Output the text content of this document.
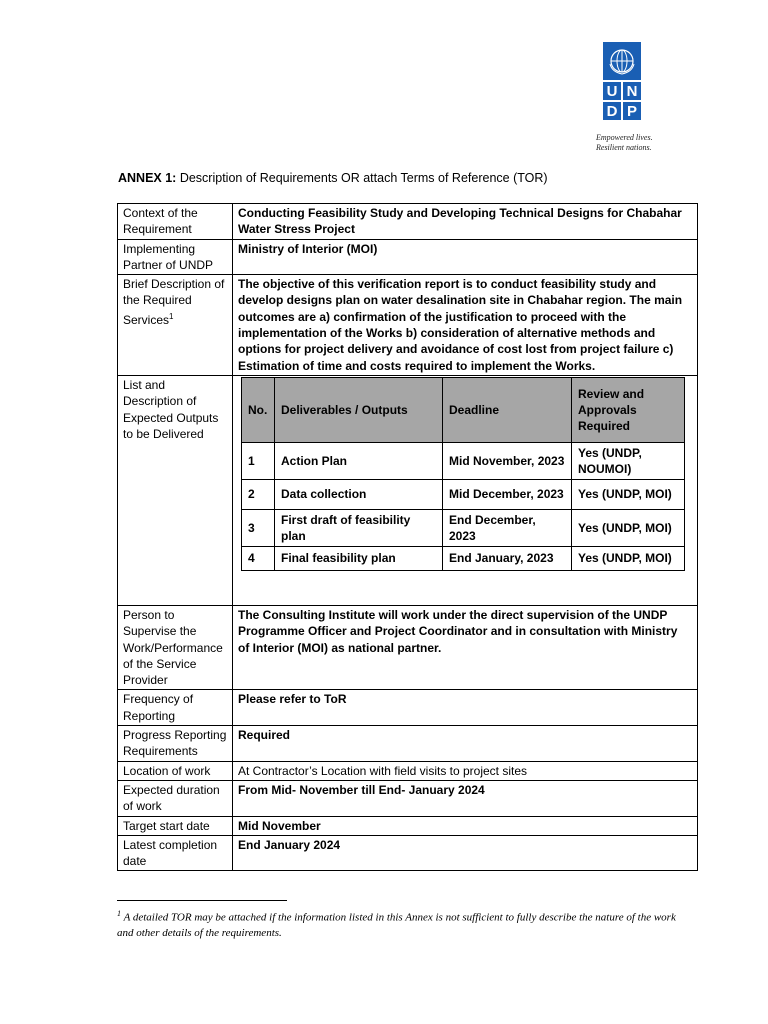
U N
D P
Empowered lives.
Resilient nations.
ANNEX 1: Description of Requirements OR attach Terms of Reference (TOR)
Context of the Requirement	Conducting Feasibility Study and Developing Technical Designs for Chabahar Water Stress Project
Implementing Partner of UNDP	Ministry of Interior (MOI)
Brief Description of the Required Services$^1$	The objective of this verification report is to conduct feasibility study and develop designs plan on water desalination site in Chabahar region. The main outcomes are a) confirmation of the justification to proceed with the implementation of the Works b) consideration of alternative methods and options for project delivery and avoidance of cost lost from project failure c) Estimation of time and costs required to implement the Works.
List and Description of Expected Outputs to be Delivered	
No.	Deliverables / Outputs	Deadline	Review and Approvals Required
1	Action Plan	Mid November, 2023	Yes (UNDP, NOUMOI)
2	Data collection	Mid December, 2023	Yes (UNDP, MOI)
3	First draft of feasibility plan	End December, 2023	Yes (UNDP, MOI)
4	Final feasibility plan	End January, 2023	Yes (UNDP, MOI)

Person to Supervise the Work/Performance of the Service Provider	The Consulting Institute will work under the direct supervision of the UNDP Programme Officer and Project Coordinator and in consultation with Ministry of Interior (MOI) as national partner.
Frequency of Reporting	Please refer to ToR
Progress Reporting Requirements	Required
Location of work	At Contractor’s Location with field visits to project sites
Expected duration of work	From Mid- November till End- January 2024
Target start date	Mid November
Latest completion date	End January 2024
$^1$ A detailed TOR may be attached if the information listed in this Annex is not sufficient to fully describe the nature of the work and other details of the requirements.
